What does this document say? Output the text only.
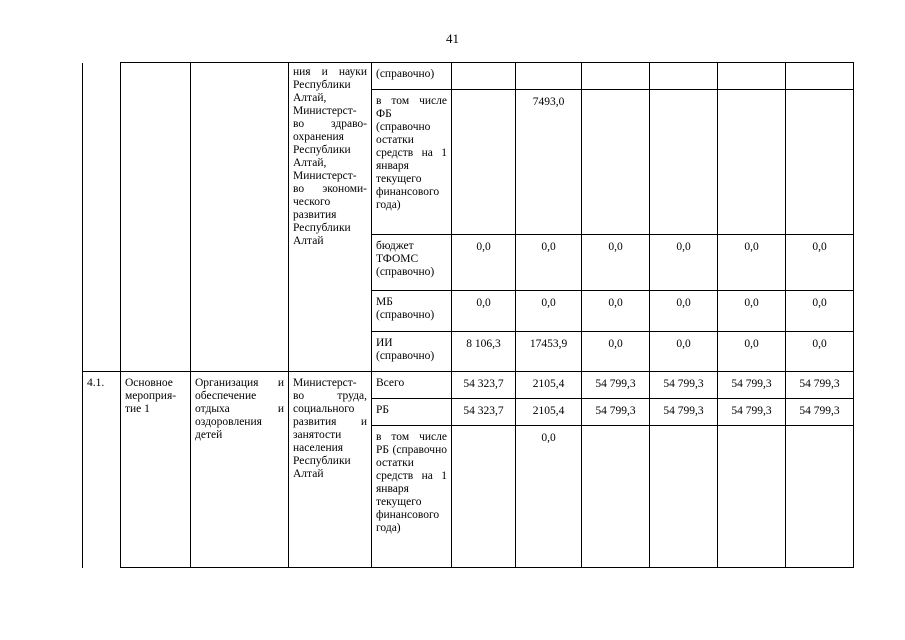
41
			ния и науки Республики Алтай, Министерст-во здраво-охранения Республики Алтай, Министерст-во экономи-ческого развития Республики Алтай	(справочно)						
				в том числе ФБ (справочно остатки средств на 1 января текущего финансового года)		7493,0				
				бюджет ТФОМС (справочно)	0,0	0,0	0,0	0,0	0,0	0,0
				МБ (справочно)	0,0	0,0	0,0	0,0	0,0	0,0
				ИИ (справочно)	8 106,3	17453,9	0,0	0,0	0,0	0,0
4.1.	Основное мероприя-тие 1	Организация и обеспечение отдыха и оздоровления детей	Министерст-во труда, социального развития и занятости населения Республики Алтай	Всего	54 323,7	2105,4	54 799,3	54 799,3	54 799,3	54 799,3
				РБ	54 323,7	2105,4	54 799,3	54 799,3	54 799,3	54 799,3
				в том числе РБ (справочно остатки средств на 1 января текущего финансового года)		0,0				
